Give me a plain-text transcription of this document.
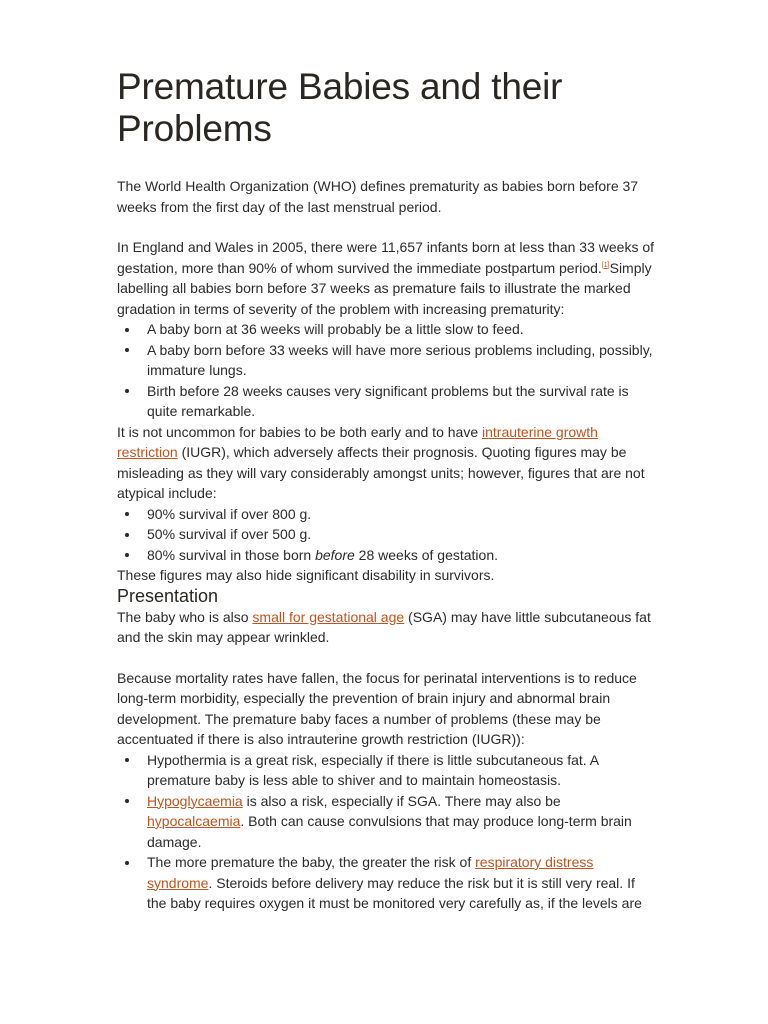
Premature Babies and their Problems

The World Health Organization (WHO) defines prematurity as babies born before 37 weeks from the first day of the last menstrual period.

In England and Wales in 2005, there were 11,657 infants born at less than 33 weeks of gestation, more than 90% of whom survived the immediate postpartum period.[1]Simply labelling all babies born before 37 weeks as premature fails to illustrate the marked gradation in terms of severity of the problem with increasing prematurity:

A baby born at 36 weeks will probably be a little slow to feed.
A baby born before 33 weeks will have more serious problems including, possibly, immature lungs.
Birth before 28 weeks causes very significant problems but the survival rate is quite remarkable.

It is not uncommon for babies to be both early and to have intrauterine growth restriction (IUGR), which adversely affects their prognosis. Quoting figures may be misleading as they will vary considerably amongst units; however, figures that are not atypical include:

90% survival if over 800 g.
50% survival if over 500 g.
80% survival in those born before 28 weeks of gestation.

These figures may also hide significant disability in survivors.

Presentation

The baby who is also small for gestational age (SGA) may have little subcutaneous fat and the skin may appear wrinkled.

Because mortality rates have fallen, the focus for perinatal interventions is to reduce long-term morbidity, especially the prevention of brain injury and abnormal brain development. The premature baby faces a number of problems (these may be accentuated if there is also intrauterine growth restriction (IUGR)):

Hypothermia is a great risk, especially if there is little subcutaneous fat. A premature baby is less able to shiver and to maintain homeostasis.
Hypoglycaemia is also a risk, especially if SGA. There may also be hypocalcaemia. Both can cause convulsions that may produce long-term brain damage.
The more premature the baby, the greater the risk of respiratory distress syndrome. Steroids before delivery may reduce the risk but it is still very real. If the baby requires oxygen it must be monitored very carefully as, if the levels are
